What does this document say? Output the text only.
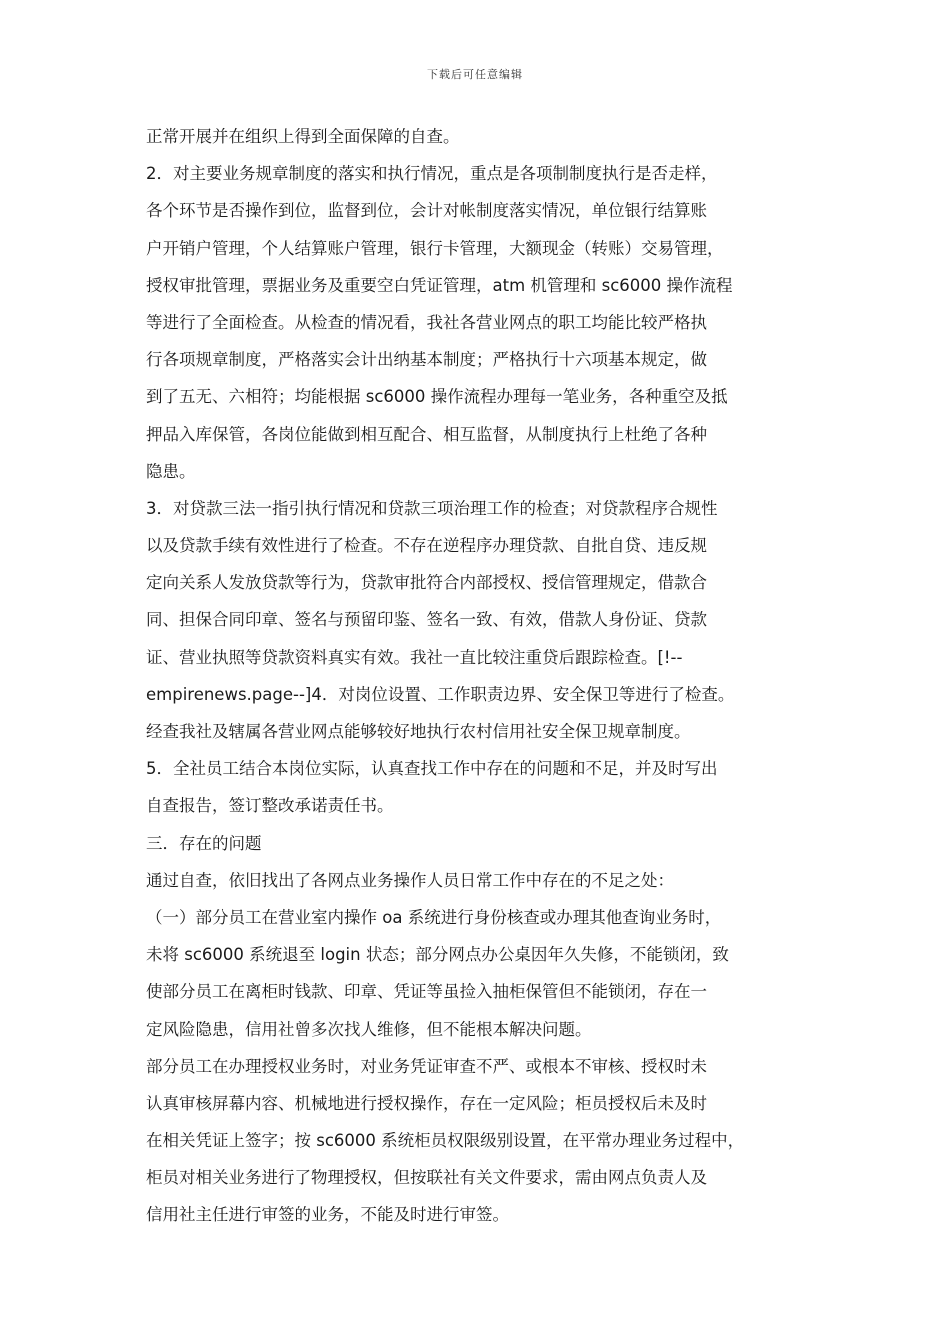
下载后可任意编辑
正常开展并在组织上得到全面保障的自查。
2．对主要业务规章制度的落实和执行情况，重点是各项制制度执行是否走样，
各个环节是否操作到位，监督到位，会计对帐制度落实情况，单位银行结算账
户开销户管理，个人结算账户管理，银行卡管理，大额现金（转账）交易管理，
授权审批管理，票据业务及重要空白凭证管理，atm 机管理和 sc6000 操作流程
等进行了全面检查。从检查的情况看，我社各营业网点的职工均能比较严格执
行各项规章制度，严格落实会计出纳基本制度；严格执行十六项基本规定，做
到了五无、六相符；均能根据 sc6000 操作流程办理每一笔业务，各种重空及抵
押品入库保管，各岗位能做到相互配合、相互监督，从制度执行上杜绝了各种
隐患。
3．对贷款三法一指引执行情况和贷款三项治理工作的检查；对贷款程序合规性
以及贷款手续有效性进行了检查。不存在逆程序办理贷款、自批自贷、违反规
定向关系人发放贷款等行为，贷款审批符合内部授权、授信管理规定，借款合
同、担保合同印章、签名与预留印鉴、签名一致、有效，借款人身份证、贷款
证、营业执照等贷款资料真实有效。我社一直比较注重贷后跟踪检查。[!--
empirenews.page--]4．对岗位设置、工作职责边界、安全保卫等进行了检查。
经查我社及辖属各营业网点能够较好地执行农村信用社安全保卫规章制度。
5．全社员工结合本岗位实际，认真查找工作中存在的问题和不足，并及时写出
自查报告，签订整改承诺责任书。
三．存在的问题
通过自查，依旧找出了各网点业务操作人员日常工作中存在的不足之处：
（一）部分员工在营业室内操作 oa 系统进行身份核查或办理其他查询业务时，
未将 sc6000 系统退至 login 状态；部分网点办公桌因年久失修，不能锁闭，致
使部分员工在离柜时钱款、印章、凭证等虽捡入抽柜保管但不能锁闭，存在一
定风险隐患，信用社曾多次找人维修，但不能根本解决问题。
部分员工在办理授权业务时，对业务凭证审查不严、或根本不审核、授权时未
认真审核屏幕内容、机械地进行授权操作，存在一定风险；柜员授权后未及时
在相关凭证上签字；按 sc6000 系统柜员权限级别设置，在平常办理业务过程中，
柜员对相关业务进行了物理授权，但按联社有关文件要求，需由网点负责人及
信用社主任进行审签的业务，不能及时进行审签。
